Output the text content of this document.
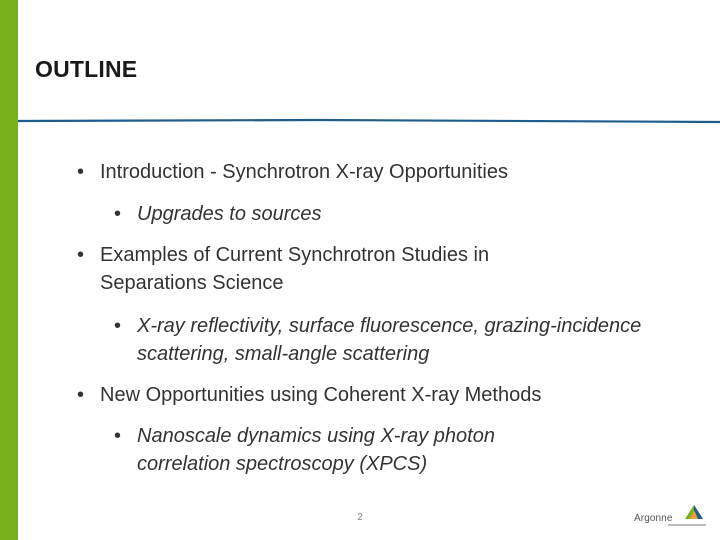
OUTLINE
• Introduction - Synchrotron X-ray Opportunities
• Upgrades to sources
• Examples of Current Synchrotron Studies in Separations Science
• X-ray reflectivity, surface fluorescence, grazing-incidence scattering, small-angle scattering
• New Opportunities using Coherent X-ray Methods
• Nanoscale dynamics using X-ray photon correlation spectroscopy (XPCS)
2	Argonne
